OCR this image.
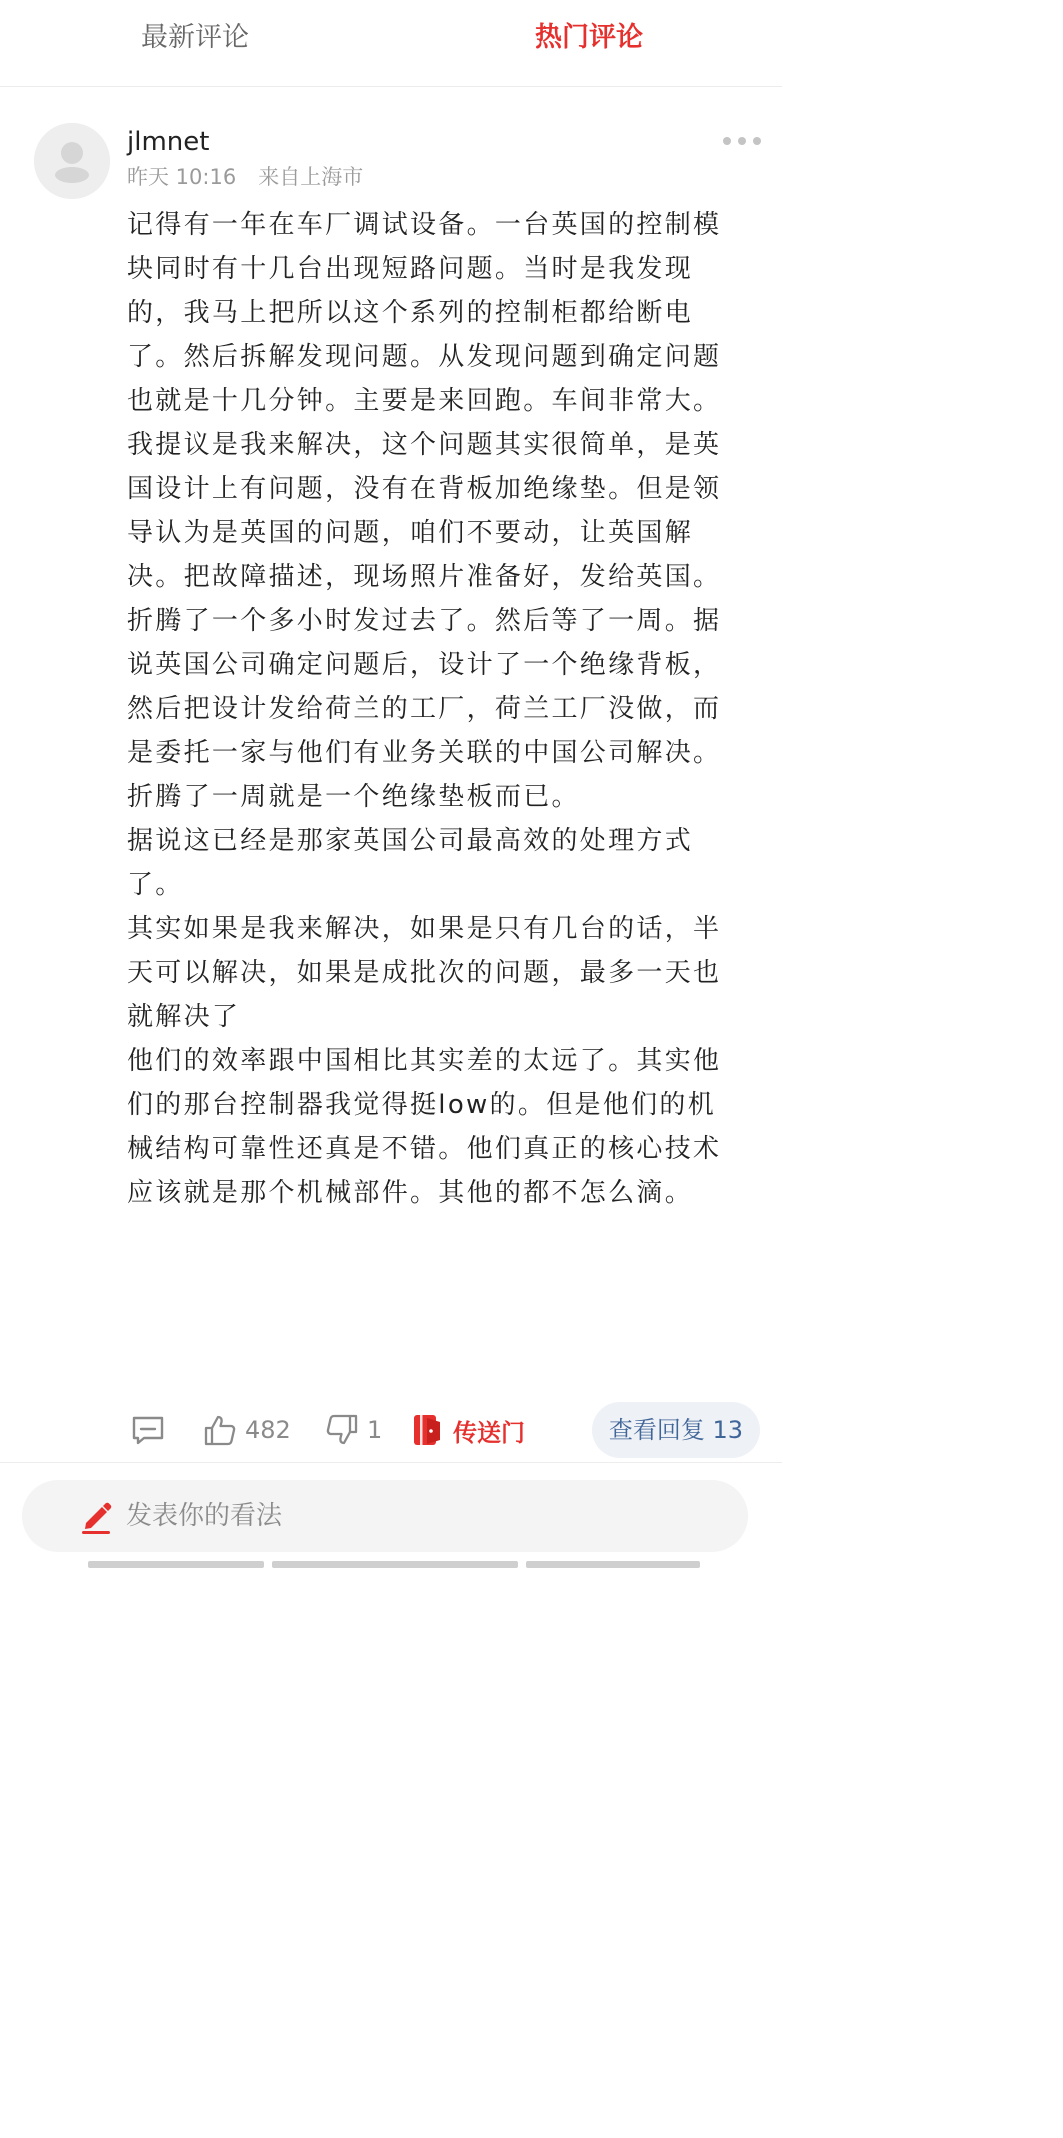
最新评论	热门评论
jlmnet
昨天 10:16 来自上海市

记得有一年在车厂调试设备。一台英国的控制模块同时有十几台出现短路问题。当时是我发现的，我马上把所以这个系列的控制柜都给断电了。然后拆解发现问题。从发现问题到确定问题也就是十几分钟。主要是来回跑。车间非常大。

我提议是我来解决，这个问题其实很简单，是英国设计上有问题，没有在背板加绝缘垫。但是领导认为是英国的问题，咱们不要动，让英国解决。把故障描述，现场照片准备好，发给英国。

折腾了一个多小时发过去了。然后等了一周。据说英国公司确定问题后，设计了一个绝缘背板，然后把设计发给荷兰的工厂，荷兰工厂没做，而是委托一家与他们有业务关联的中国公司解决。折腾了一周就是一个绝缘垫板而已。

据说这已经是那家英国公司最高效的处理方式了。

其实如果是我来解决，如果是只有几台的话，半天可以解决，如果是成批次的问题，最多一天也就解决了

他们的效率跟中国相比其实差的太远了。其实他们的那台控制器我觉得挺low的。但是他们的机械结构可靠性还真是不错。他们真正的核心技术应该就是那个机械部件。其他的都不怎么滴。

482	1	传送门	查看回复 13
发表你的看法
